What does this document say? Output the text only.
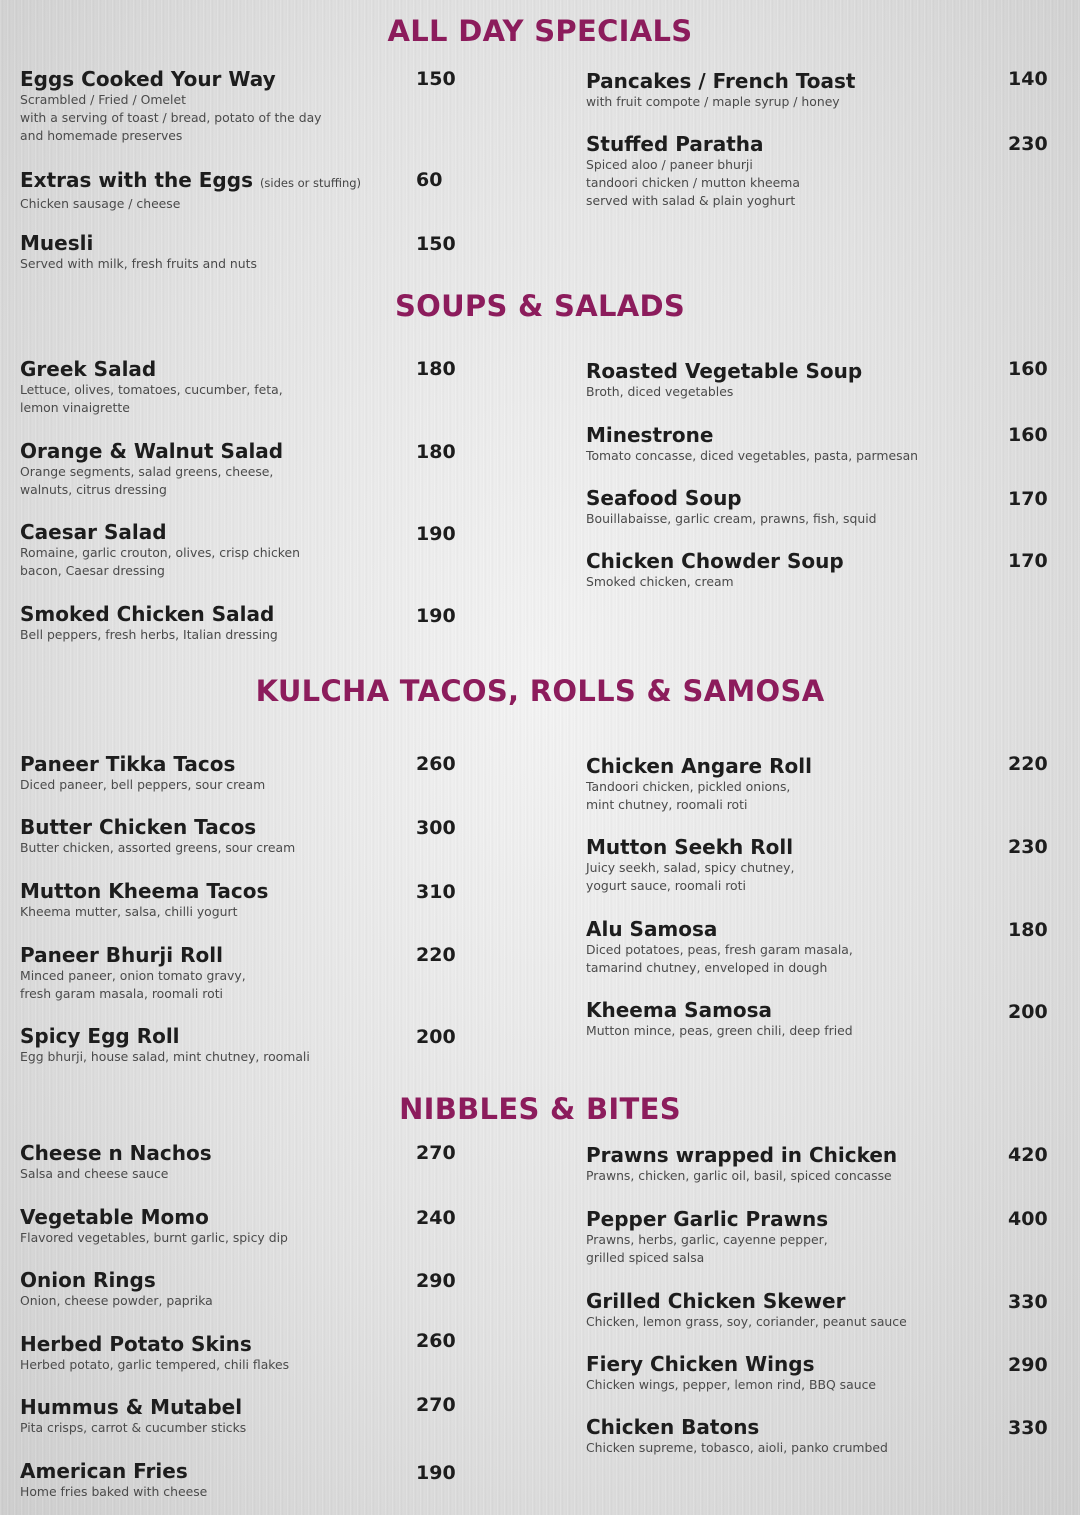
ALL DAY SPECIALS
Eggs Cooked Your Way
Scrambled / Fried / Omelet
with a serving of toast / bread, potato of the day
and homemade preserves
150
Extras with the Eggs (sides or stuffing)
Chicken sausage / cheese
60
Muesli
Served with milk, fresh fruits and nuts
150
Pancakes / French Toast
with fruit compote / maple syrup / honey
140
Stuffed Paratha
Spiced aloo / paneer bhurji
tandoori chicken / mutton kheema
served with salad & plain yoghurt
230
SOUPS & SALADS
Greek Salad
Lettuce, olives, tomatoes, cucumber, feta,
lemon vinaigrette
180
Orange & Walnut Salad
Orange segments, salad greens, cheese,
walnuts, citrus dressing
180
Caesar Salad
Romaine, garlic crouton, olives, crisp chicken
bacon, Caesar dressing
190
Smoked Chicken Salad
Bell peppers, fresh herbs, Italian dressing
190
Roasted Vegetable Soup
Broth, diced vegetables
160
Minestrone
Tomato concasse, diced vegetables, pasta, parmesan
160
Seafood Soup
Bouillabaisse, garlic cream, prawns, fish, squid
170
Chicken Chowder Soup
Smoked chicken, cream
170
KULCHA TACOS, ROLLS & SAMOSA
Paneer Tikka Tacos
Diced paneer, bell peppers, sour cream
260
Butter Chicken Tacos
Butter chicken, assorted greens, sour cream
300
Mutton Kheema Tacos
Kheema mutter, salsa, chilli yogurt
310
Paneer Bhurji Roll
Minced paneer, onion tomato gravy,
fresh garam masala, roomali roti
220
Spicy Egg Roll
Egg bhurji, house salad, mint chutney, roomali
200
Chicken Angare Roll
Tandoori chicken, pickled onions,
mint chutney, roomali roti
220
Mutton Seekh Roll
Juicy seekh, salad, spicy chutney,
yogurt sauce, roomali roti
230
Alu Samosa
Diced potatoes, peas, fresh garam masala,
tamarind chutney, enveloped in dough
180
Kheema Samosa
Mutton mince, peas, green chili, deep fried
200
NIBBLES & BITES
Cheese n Nachos
Salsa and cheese sauce
270
Vegetable Momo
Flavored vegetables, burnt garlic, spicy dip
240
Onion Rings
Onion, cheese powder, paprika
290
Herbed Potato Skins
Herbed potato, garlic tempered, chili flakes
260
Hummus & Mutabel
Pita crisps, carrot & cucumber sticks
270
American Fries
Home fries baked with cheese
190
Prawns wrapped in Chicken
Prawns, chicken, garlic oil, basil, spiced concasse
420
Pepper Garlic Prawns
Prawns, herbs, garlic, cayenne pepper,
grilled spiced salsa
400
Grilled Chicken Skewer
Chicken, lemon grass, soy, coriander, peanut sauce
330
Fiery Chicken Wings
Chicken wings, pepper, lemon rind, BBQ sauce
290
Chicken Batons
Chicken supreme, tobasco, aioli, panko crumbed
330
